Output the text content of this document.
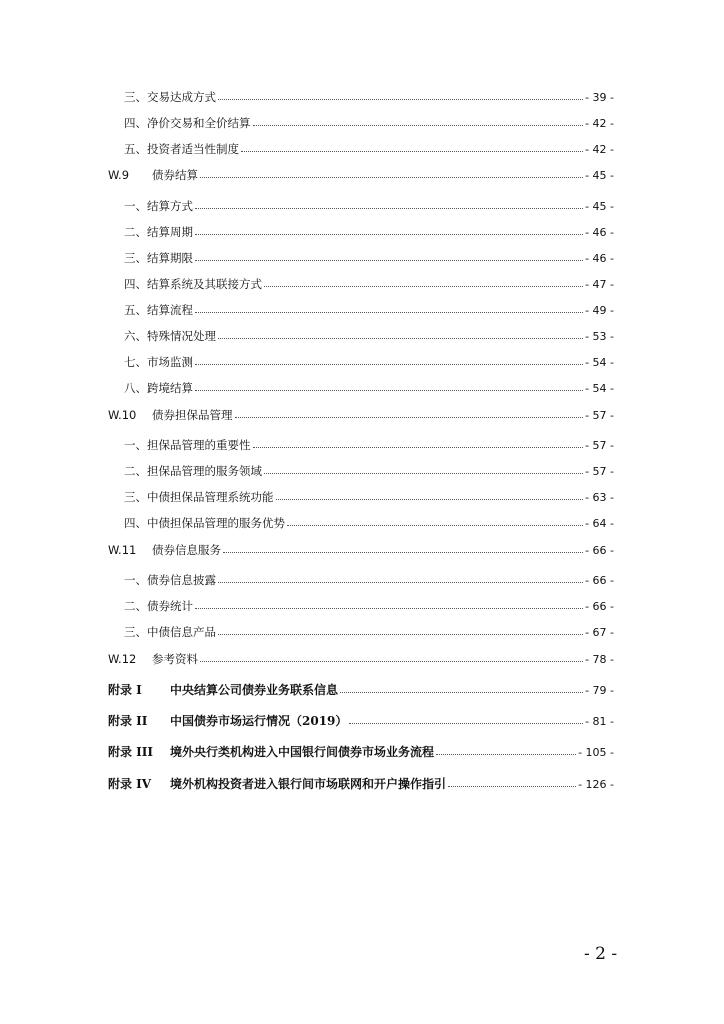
三、交易达成方式	- 39 -
四、净价交易和全价结算	- 42 -
五、投资者适当性制度	- 42 -
W.9 债券结算	- 45 -
一、结算方式	- 45 -
二、结算周期	- 46 -
三、结算期限	- 46 -
四、结算系统及其联接方式	- 47 -
五、结算流程	- 49 -
六、特殊情况处理	- 53 -
七、市场监测	- 54 -
八、跨境结算	- 54 -
W.10 债券担保品管理	- 57 -
一、担保品管理的重要性	- 57 -
二、担保品管理的服务领域	- 57 -
三、中债担保品管理系统功能	- 63 -
四、中债担保品管理的服务优势	- 64 -
W.11 债券信息服务	- 66 -
一、债券信息披露	- 66 -
二、债券统计	- 66 -
三、中债信息产品	- 67 -
W.12 参考资料	- 78 -
附录 I 中央结算公司债券业务联系信息	- 79 -
附录 II 中国债券市场运行情况（2019）	- 81 -
附录 III 境外央行类机构进入中国银行间债券市场业务流程	- 105 -
附录 IV 境外机构投资者进入银行间市场联网和开户操作指引	- 126 -
- 2 -
